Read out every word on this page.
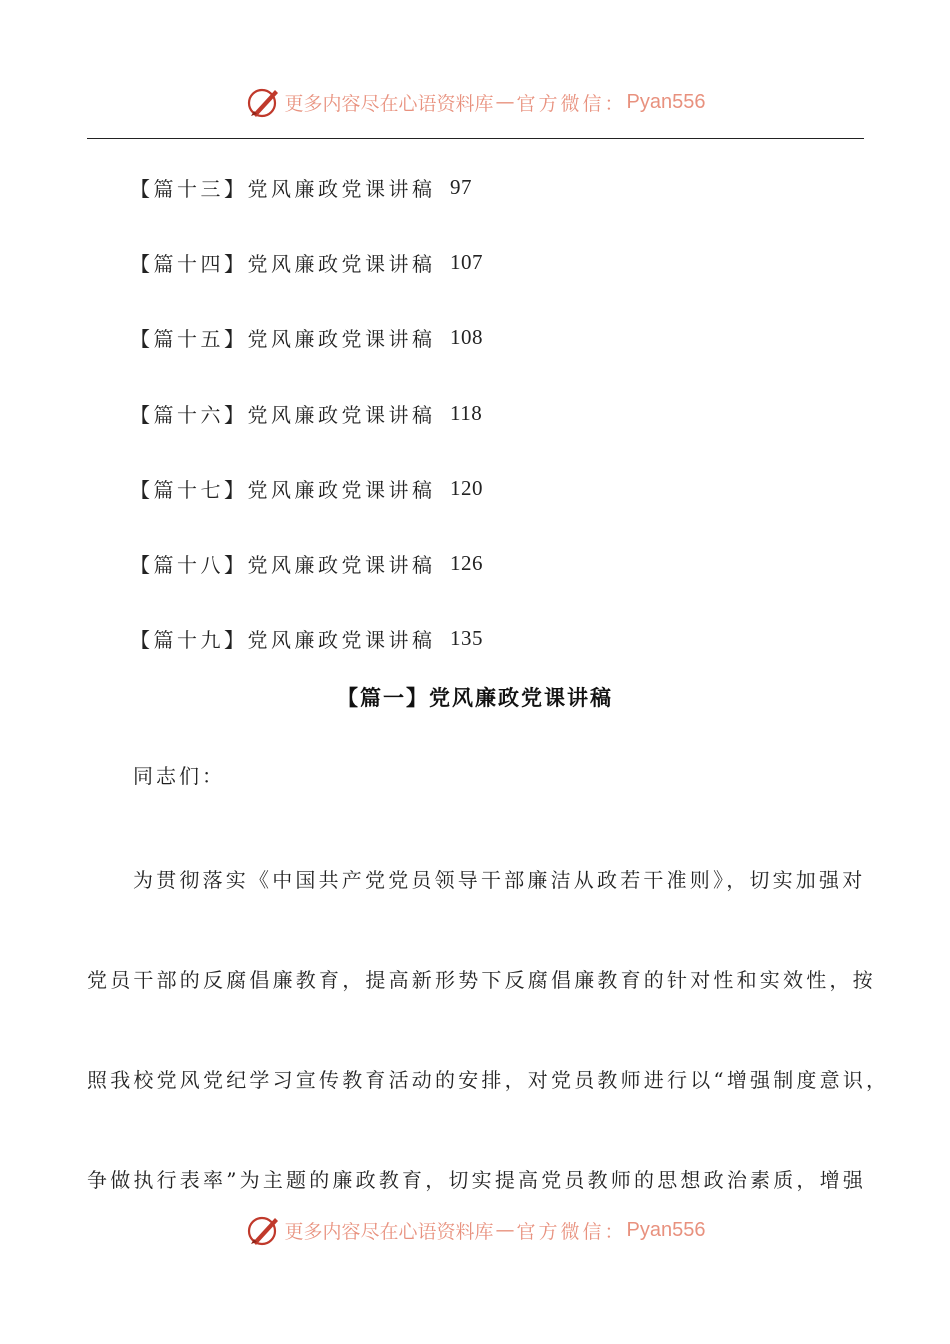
更多内容尽在心语资料库 — 官方微信： Pyan556
【篇十三】党风廉政党课讲稿 97
【篇十四】党风廉政党课讲稿 107
【篇十五】党风廉政党课讲稿 108
【篇十六】党风廉政党课讲稿 118
【篇十七】党风廉政党课讲稿 120
【篇十八】党风廉政党课讲稿 126
【篇十九】党风廉政党课讲稿 135
【篇一】党风廉政党课讲稿
同志们：
为贯彻落实《中国共产党党员领导干部廉洁从政若干准则》，切实加强对
党员干部的反腐倡廉教育，提高新形势下反腐倡廉教育的针对性和实效性，按
照我校党风党纪学习宣传教育活动的安排，对党员教师进行以“增强制度意识，
争做执行表率”为主题的廉政教育，切实提高党员教师的思想政治素质，增强
更多内容尽在心语资料库 — 官方微信： Pyan556
